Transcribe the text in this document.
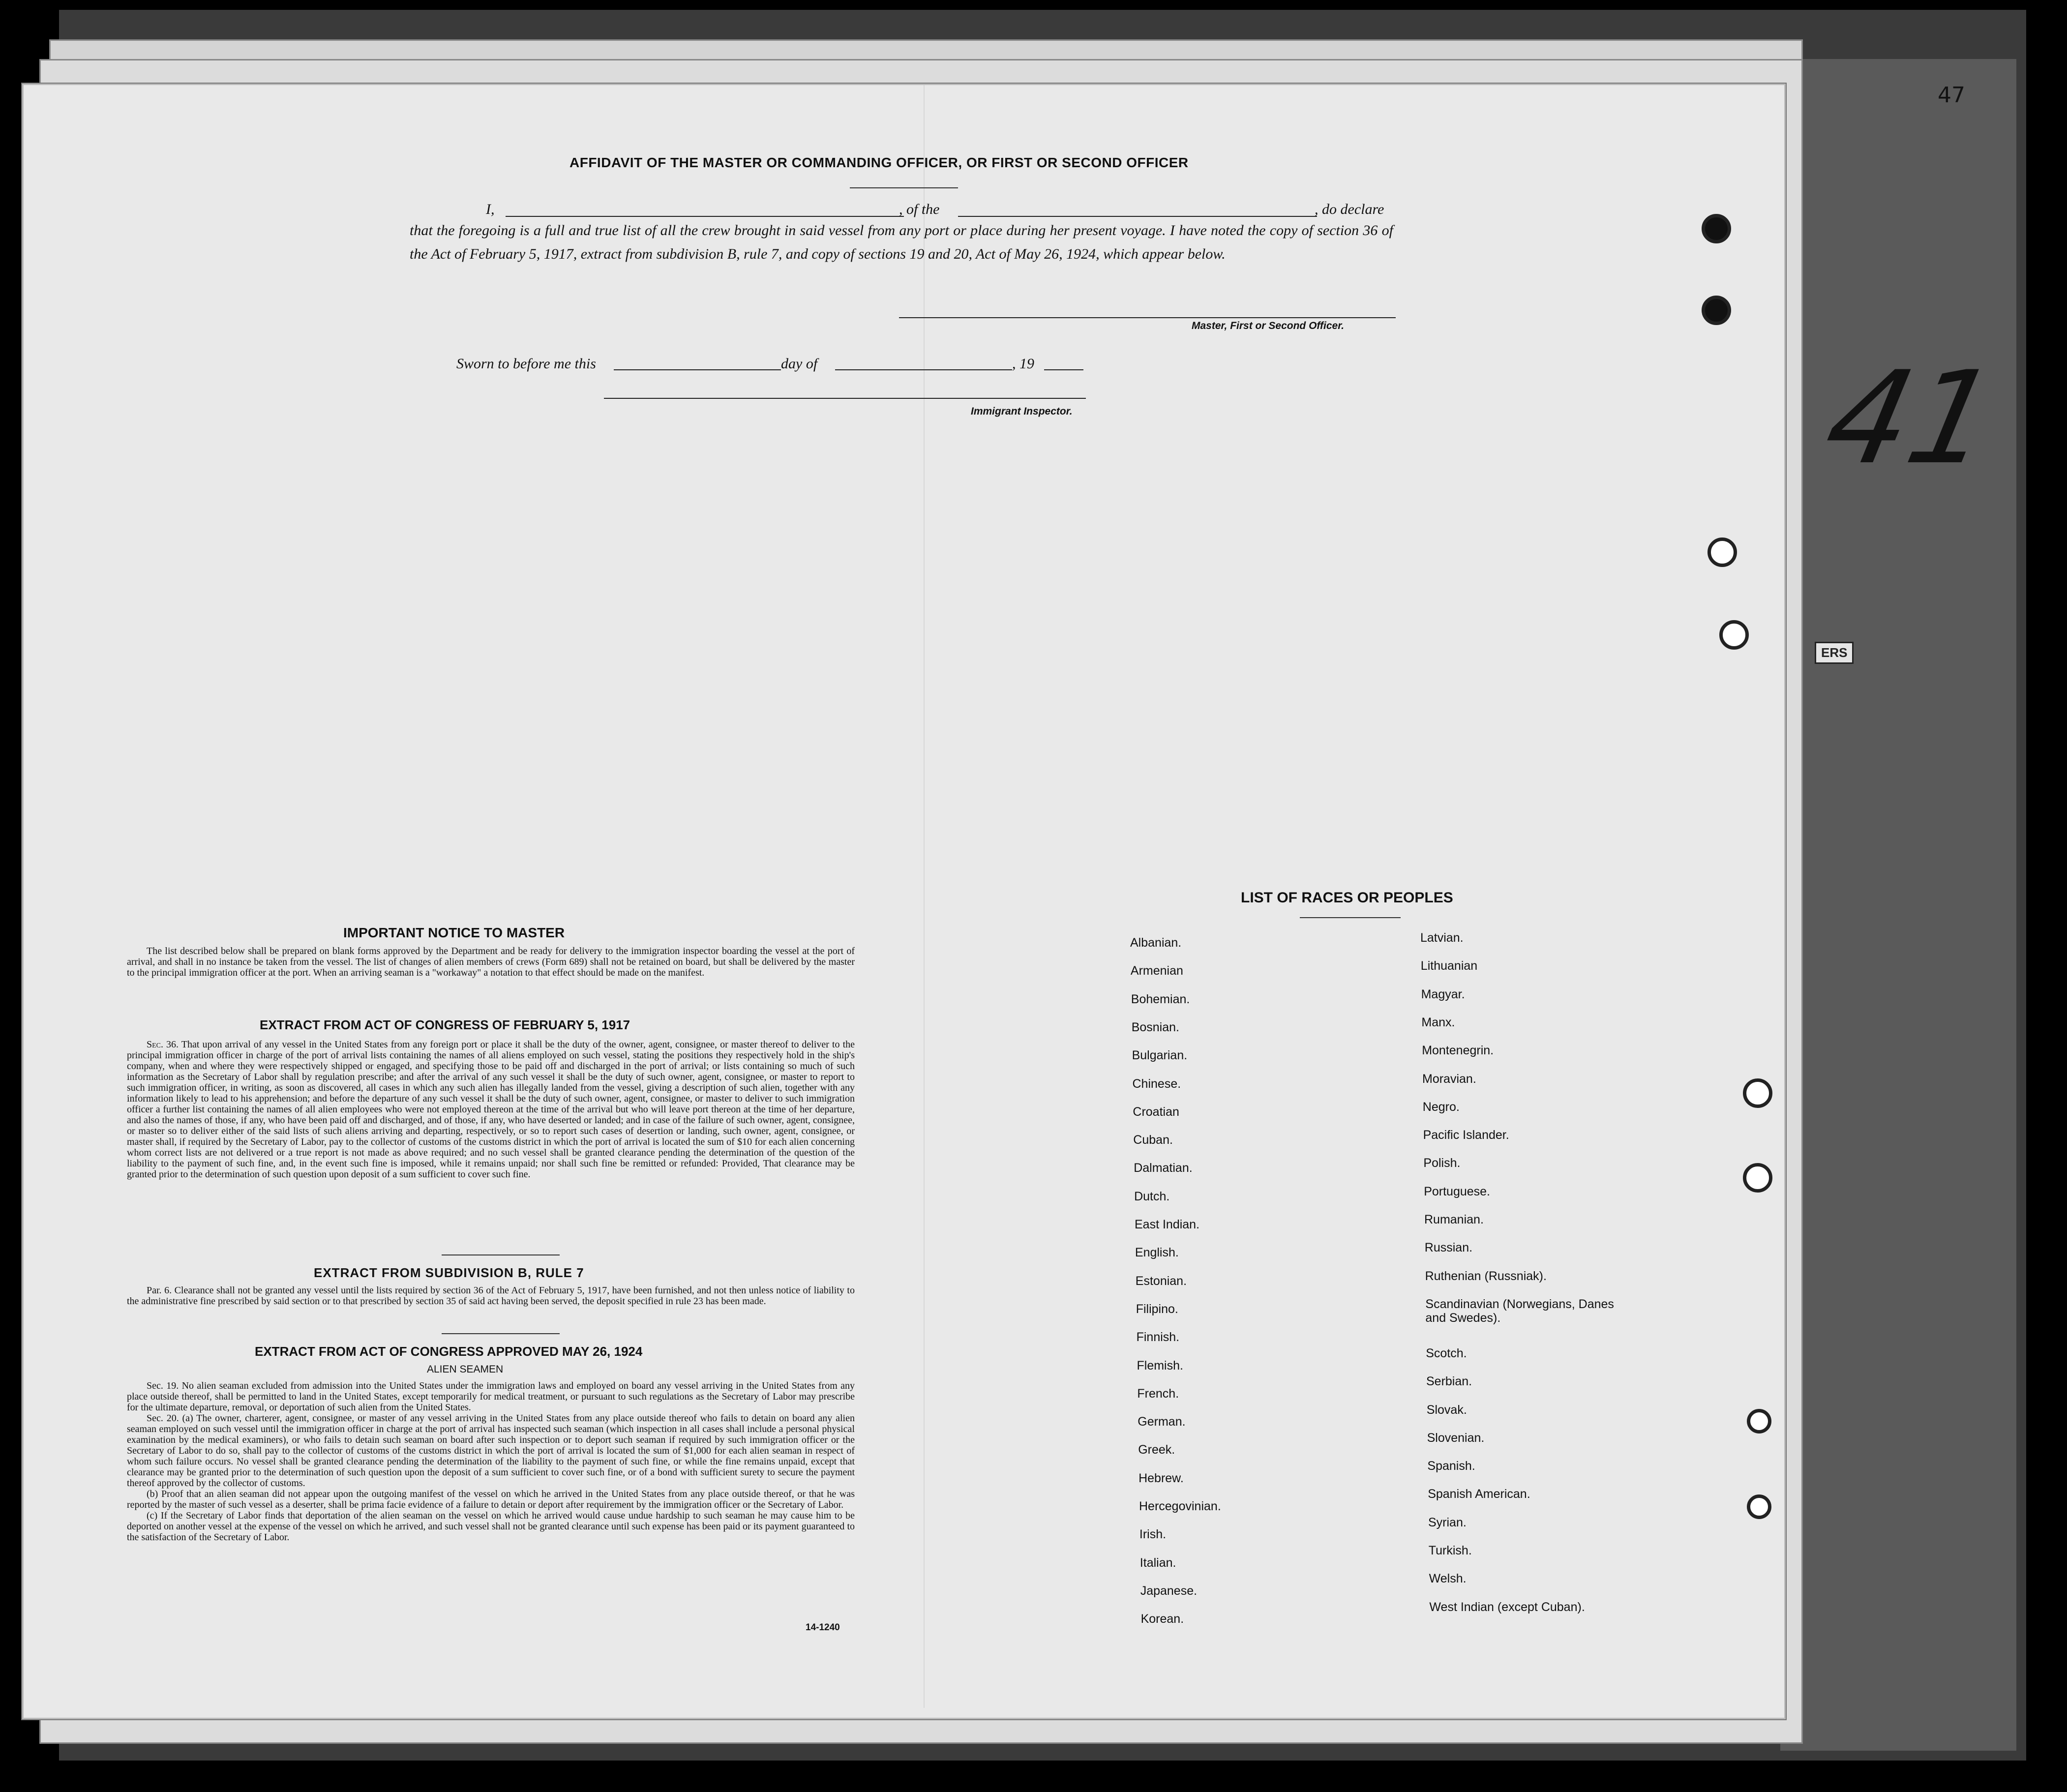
47
41
ERS
AFFIDAVIT OF THE MASTER OR COMMANDING OFFICER, OR FIRST OR SECOND OFFICER
I,	, of the	, do declare
that the foregoing is a full and true list of all the crew brought in said vessel from any port or place during her present voyage. I have noted the copy of section 36 of the Act of February 5, 1917, extract from subdivision B, rule 7, and copy of sections 19 and 20, Act of May 26, 1924, which appear below.
Master, First or Second Officer.
Sworn to before me this	day of	, 19
Immigrant Inspector.
IMPORTANT NOTICE TO MASTER
The list described below shall be prepared on blank forms approved by the Department and be ready for delivery to the immigration inspector boarding the vessel at the port of arrival, and shall in no instance be taken from the vessel. The list of changes of alien members of crews (Form 689) shall not be retained on board, but shall be delivered by the master to the principal immigration officer at the port. When an arriving seaman is a "workaway" a notation to that effect should be made on the manifest.
EXTRACT FROM ACT OF CONGRESS OF FEBRUARY 5, 1917
Sec. 36. That upon arrival of any vessel in the United States from any foreign port or place it shall be the duty of the owner, agent, consignee, or master thereof to deliver to the principal immigration officer in charge of the port of arrival lists containing the names of all aliens employed on such vessel, stating the positions they respectively hold in the ship's company, when and where they were respectively shipped or engaged, and specifying those to be paid off and discharged in the port of arrival; or lists containing so much of such information as the Secretary of Labor shall by regulation prescribe; and after the arrival of any such vessel it shall be the duty of such owner, agent, consignee, or master to report to such immigration officer, in writing, as soon as discovered, all cases in which any such alien has illegally landed from the vessel, giving a description of such alien, together with any information likely to lead to his apprehension; and before the departure of any such vessel it shall be the duty of such owner, agent, consignee, or master to deliver to such immigration officer a further list containing the names of all alien employees who were not employed thereon at the time of the arrival but who will leave port thereon at the time of her departure, and also the names of those, if any, who have been paid off and discharged, and of those, if any, who have deserted or landed; and in case of the failure of such owner, agent, consignee, or master so to deliver either of the said lists of such aliens arriving and departing, respectively, or so to report such cases of desertion or landing, such owner, agent, consignee, or master shall, if required by the Secretary of Labor, pay to the collector of customs of the customs district in which the port of arrival is located the sum of $10 for each alien concerning whom correct lists are not delivered or a true report is not made as above required; and no such vessel shall be granted clearance pending the determination of the question of the liability to the payment of such fine, and, in the event such fine is imposed, while it remains unpaid; nor shall such fine be remitted or refunded: Provided, That clearance may be granted prior to the determination of such question upon deposit of a sum sufficient to cover such fine.
EXTRACT FROM SUBDIVISION B, RULE 7
Par. 6. Clearance shall not be granted any vessel until the lists required by section 36 of the Act of February 5, 1917, have been furnished, and not then unless notice of liability to the administrative fine prescribed by said section or to that prescribed by section 35 of said act having been served, the deposit specified in rule 23 has been made.
EXTRACT FROM ACT OF CONGRESS APPROVED MAY 26, 1924
ALIEN SEAMEN
Sec. 19. No alien seaman excluded from admission into the United States under the immigration laws and employed on board any vessel arriving in the United States from any place outside thereof, shall be permitted to land in the United States, except temporarily for medical treatment, or pursuant to such regulations as the Secretary of Labor may prescribe for the ultimate departure, removal, or deportation of such alien from the United States.
Sec. 20. (a) The owner, charterer, agent, consignee, or master of any vessel arriving in the United States from any place outside thereof who fails to detain on board any alien seaman employed on such vessel until the immigration officer in charge at the port of arrival has inspected such seaman (which inspection in all cases shall include a personal physical examination by the medical examiners), or who fails to detain such seaman on board after such inspection or to deport such seaman if required by such immigration officer or the Secretary of Labor to do so, shall pay to the collector of customs of the customs district in which the port of arrival is located the sum of $1,000 for each alien seaman in respect of whom such failure occurs. No vessel shall be granted clearance pending the determination of the liability to the payment of such fine, or while the fine remains unpaid, except that clearance may be granted prior to the determination of such question upon the deposit of a sum sufficient to cover such fine, or of a bond with sufficient surety to secure the payment thereof approved by the collector of customs.
(b) Proof that an alien seaman did not appear upon the outgoing manifest of the vessel on which he arrived in the United States from any place outside thereof, or that he was reported by the master of such vessel as a deserter, shall be prima facie evidence of a failure to detain or deport after requirement by the immigration officer or the Secretary of Labor.
(c) If the Secretary of Labor finds that deportation of the alien seaman on the vessel on which he arrived would cause undue hardship to such seaman he may cause him to be deported on another vessel at the expense of the vessel on which he arrived, and such vessel shall not be granted clearance until such expense has been paid or its payment guaranteed to the satisfaction of the Secretary of Labor.
14-1240
LIST OF RACES OR PEOPLES
Albanian.
Armenian
Bohemian.
Bosnian.
Bulgarian.
Chinese.
Croatian
Cuban.
Dalmatian.
Dutch.
East Indian.
English.
Estonian.
Filipino.
Finnish.
Flemish.
French.
German.
Greek.
Hebrew.
Hercegovinian.
Irish.
Italian.
Japanese.
Korean.
Latvian.
Lithuanian
Magyar.
Manx.
Montenegrin.
Moravian.
Negro.
Pacific Islander.
Polish.
Portuguese.
Rumanian.
Russian.
Ruthenian (Russniak).
Scandinavian (Norwegians, Danes and Swedes).
Scotch.
Serbian.
Slovak.
Slovenian.
Spanish.
Spanish American.
Syrian.
Turkish.
Welsh.
West Indian (except Cuban).
